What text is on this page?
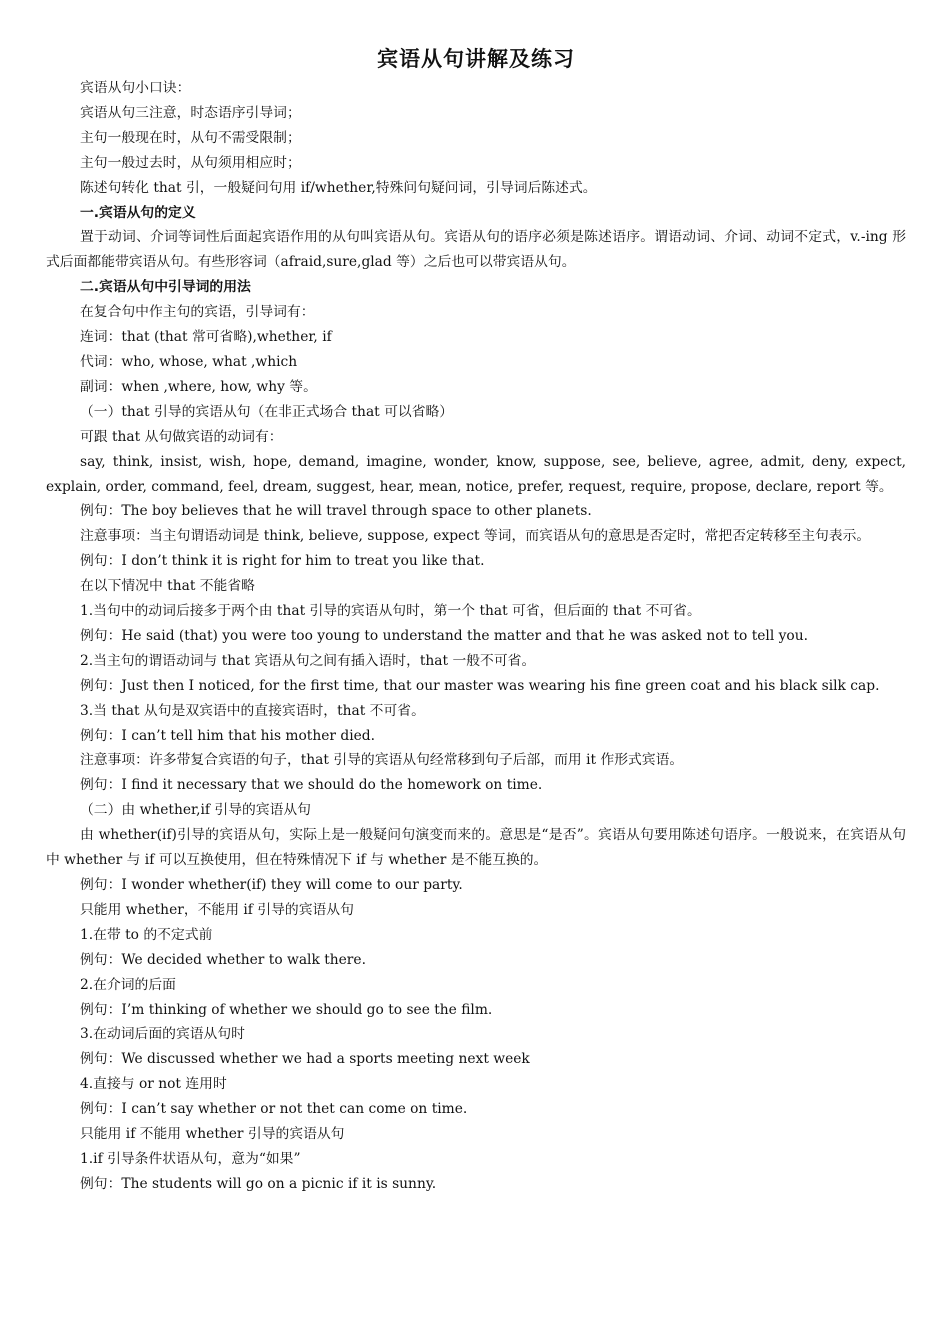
宾语从句讲解及练习
宾语从句小口诀：
宾语从句三注意，时态语序引导词；
主句一般现在时，从句不需受限制；
主句一般过去时，从句须用相应时；
陈述句转化 that 引，一般疑问句用 if/whether,特殊问句疑问词，引导词后陈述式。
一.宾语从句的定义
置于动词、介词等词性后面起宾语作用的从句叫宾语从句。宾语从句的语序必须是陈述语序。谓语动词、介词、动词不定式，v.-ing 形式后面都能带宾语从句。有些形容词（afraid,sure,glad 等）之后也可以带宾语从句。
二.宾语从句中引导词的用法
在复合句中作主句的宾语，引导词有：
连词：that (that 常可省略),whether, if
代词：who, whose, what ,which
副词：when ,where, how, why 等。
（一）that 引导的宾语从句（在非正式场合 that 可以省略）
可跟 that 从句做宾语的动词有：
say, think, insist, wish, hope, demand, imagine, wonder, know, suppose, see, believe, agree, admit, deny, expect, explain, order, command, feel, dream, suggest, hear, mean, notice, prefer, request, require, propose, declare, report 等。
例句：The boy believes that he will travel through space to other planets.
注意事项：当主句谓语动词是 think, believe, suppose, expect 等词，而宾语从句的意思是否定时，常把否定转移至主句表示。
例句：I don’t think it is right for him to treat you like that.
在以下情况中 that 不能省略
1.当句中的动词后接多于两个由 that 引导的宾语从句时，第一个 that 可省，但后面的 that 不可省。
例句：He said (that) you were too young to understand the matter and that he was asked not to tell you.
2.当主句的谓语动词与 that 宾语从句之间有插入语时，that 一般不可省。
例句：Just then I noticed, for the first time, that our master was wearing his fine green coat and his black silk cap.
3.当 that 从句是双宾语中的直接宾语时，that 不可省。
例句：I can’t tell him that his mother died.
注意事项：许多带复合宾语的句子，that 引导的宾语从句经常移到句子后部，而用 it 作形式宾语。
例句：I find it necessary that we should do the homework on time.
（二）由 whether,if 引导的宾语从句
由 whether(if)引导的宾语从句，实际上是一般疑问句演变而来的。意思是“是否”。宾语从句要用陈述句语序。一般说来，在宾语从句中 whether 与 if 可以互换使用，但在特殊情况下 if 与 whether 是不能互换的。
例句：I wonder whether(if) they will come to our party.
只能用 whether，不能用 if 引导的宾语从句
1.在带 to 的不定式前
例句：We decided whether to walk there.
2.在介词的后面
例句：I’m thinking of whether we should go to see the film.
3.在动词后面的宾语从句时
例句：We discussed whether we had a sports meeting next week
4.直接与 or not 连用时
例句：I can’t say whether or not thet can come on time.
只能用 if 不能用 whether 引导的宾语从句
1.if 引导条件状语从句，意为“如果”
例句：The students will go on a picnic if it is sunny.
